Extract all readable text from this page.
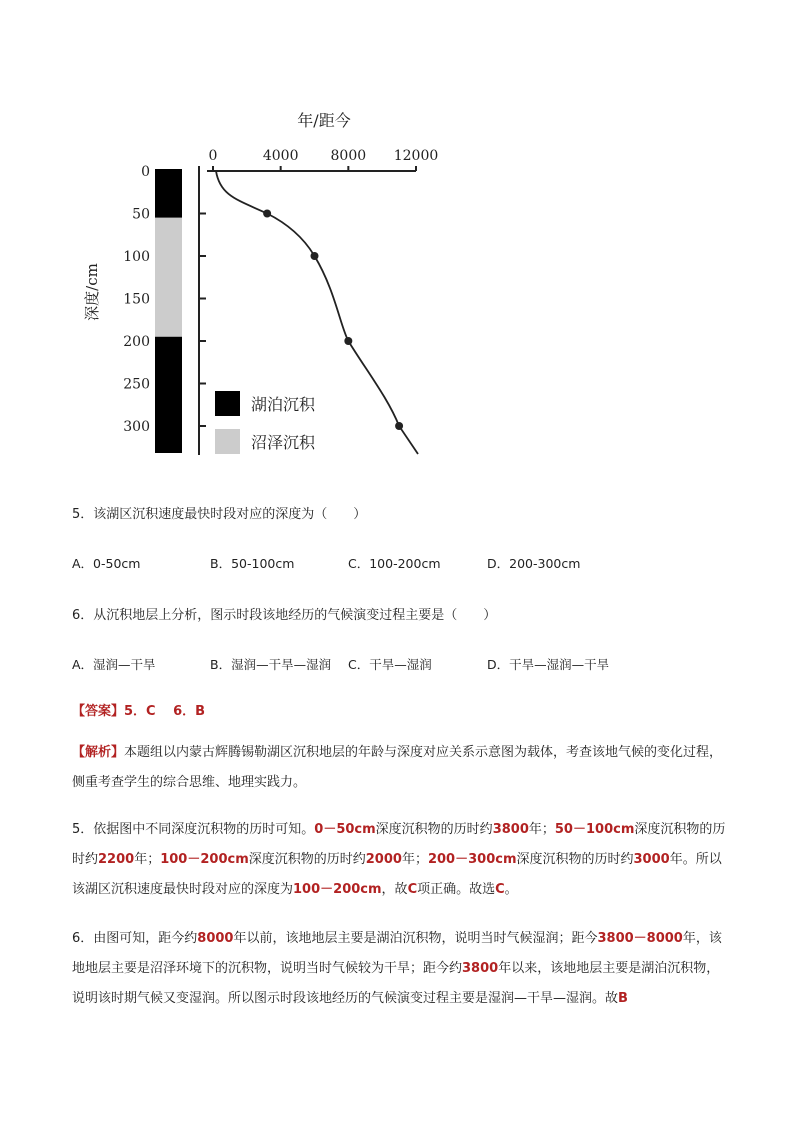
年/距今
深度/cm
0	4000 8000 12000
0
50
100
150
200
250
300
湖泊沉积
沼泽沉积
5．该湖区沉积速度最快时段对应的深度为（　　）
A．0-50cm	B．50-100cm	C．100-200cm	D．200-300cm
6．从沉积地层上分析，图示时段该地经历的气候演变过程主要是（　　）
A．湿润—干旱	B．湿润—干旱—湿润 C．干旱—湿润	D．干旱—湿润—干旱
【答案】5．C　 6．B
【解析】本题组以内蒙古辉腾锡勒湖区沉积地层的年龄与深度对应关系示意图为载体，考查该地气候的变化过程，侧重考查学生的综合思维、地理实践力。
5．依据图中不同深度沉积物的历时可知。0－50cm深度沉积物的历时约3800年；50－100cm深度沉积物的历时约2200年；100－200cm深度沉积物的历时约2000年；200－300cm深度沉积物的历时约3000年。所以该湖区沉积速度最快时段对应的深度为100－200cm，故C项正确。故选C。
6．由图可知，距今约8000年以前，该地地层主要是湖泊沉积物，说明当时气候湿润；距今3800－8000年，该地地层主要是沼泽环境下的沉积物，说明当时气候较为干旱；距今约3800年以来，该地地层主要是湖泊沉积物，说明该时期气候又变湿润。所以图示时段该地经历的气候演变过程主要是湿润—干旱—湿润。故B
